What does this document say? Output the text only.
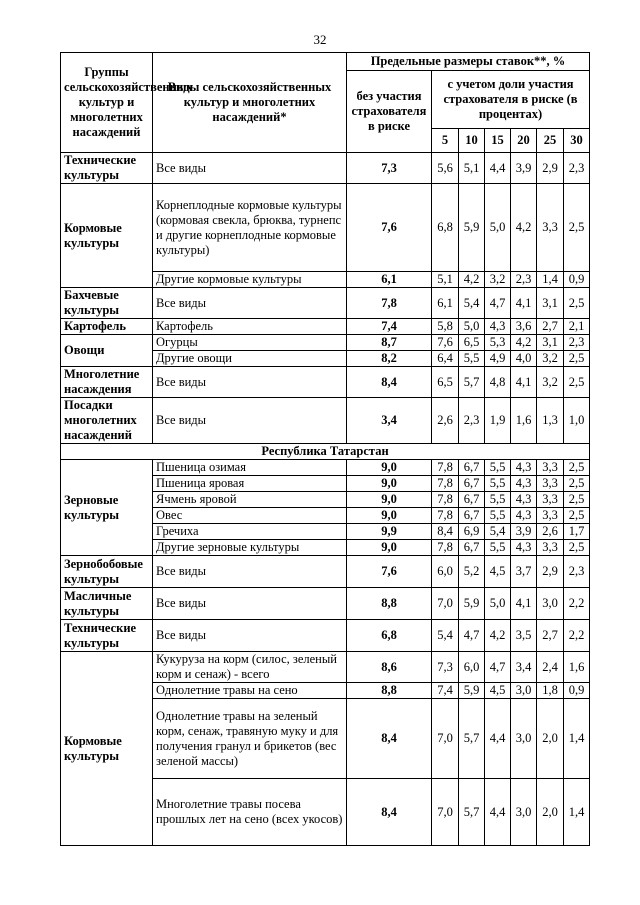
32
Группы сельскохозяйственных культур и многолетних насаждений	Виды сельскохозяйственных культур и многолетних насаждений*	Предельные размеры ставок**, %						
		без участия страхователя в риске	с учетом доли участия страхователя в риске (в процентах)					
			5	10	15	20	25	30
Технические культуры	Все виды	7,3	5,6	5,1	4,4	3,9	2,9	2,3
Кормовые культуры	Корнеплодные кормовые культуры (кормовая свекла, брюква, турнепс и другие корнеплодные кормовые культуры)	7,6	6,8	5,9	5,0	4,2	3,3	2,5
	Другие кормовые культуры	6,1	5,1	4,2	3,2	2,3	1,4	0,9
Бахчевые культуры	Все виды	7,8	6,1	5,4	4,7	4,1	3,1	2,5
Картофель	Картофель	7,4	5,8	5,0	4,3	3,6	2,7	2,1
Овощи	Огурцы	8,7	7,6	6,5	5,3	4,2	3,1	2,3
	Другие овощи	8,2	6,4	5,5	4,9	4,0	3,2	2,5
Многолетние насаждения	Все виды	8,4	6,5	5,7	4,8	4,1	3,2	2,5
Посадки многолетних насаждений	Все виды	3,4	2,6	2,3	1,9	1,6	1,3	1,0
Республика Татарстан								
Зерновые культуры	Пшеница озимая	9,0	7,8	6,7	5,5	4,3	3,3	2,5
	Пшеница яровая	9,0	7,8	6,7	5,5	4,3	3,3	2,5
	Ячмень яровой	9,0	7,8	6,7	5,5	4,3	3,3	2,5
	Овес	9,0	7,8	6,7	5,5	4,3	3,3	2,5
	Гречиха	9,9	8,4	6,9	5,4	3,9	2,6	1,7
	Другие зерновые культуры	9,0	7,8	6,7	5,5	4,3	3,3	2,5
Зернобобовые культуры	Все виды	7,6	6,0	5,2	4,5	3,7	2,9	2,3
Масличные культуры	Все виды	8,8	7,0	5,9	5,0	4,1	3,0	2,2
Технические культуры	Все виды	6,8	5,4	4,7	4,2	3,5	2,7	2,2
Кормовые культуры	Кукуруза на корм (силос, зеленый корм и сенаж) - всего	8,6	7,3	6,0	4,7	3,4	2,4	1,6
	Однолетние травы на сено	8,8	7,4	5,9	4,5	3,0	1,8	0,9
	Однолетние травы на зеленый корм, сенаж, травяную муку и для получения гранул и брикетов (вес зеленой массы)	8,4	7,0	5,7	4,4	3,0	2,0	1,4
	Многолетние травы посева прошлых лет на сено (всех укосов)	8,4	7,0	5,7	4,4	3,0	2,0	1,4
